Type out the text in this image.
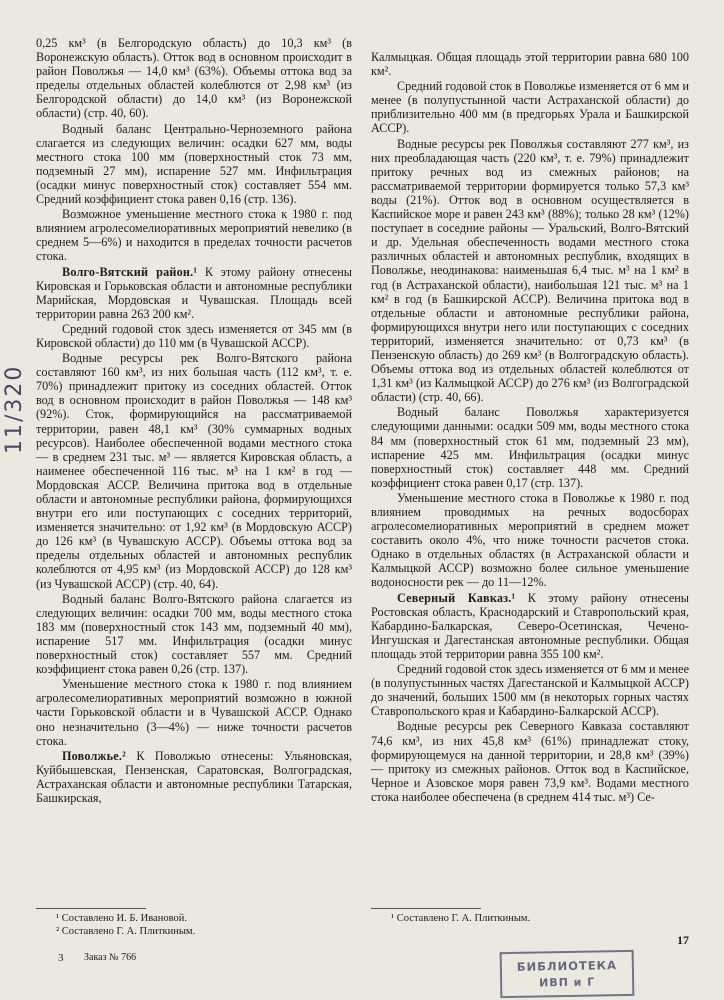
11/320

0,25 км³ (в Белгородскую область) до 10,3 км³ (в Воронежскую область). Отток вод в основном происходит в район Поволжья — 14,0 км³ (63%). Объемы оттока вод за пределы отдельных областей колеблются от 2,98 км³ (из Белгородской области) до 14,0 км³ (из Воронежской области) (стр. 40, 60).

Водный баланс Центрально-Черноземного района слагается из следующих величин: осадки 627 мм, воды местного стока 100 мм (поверхностный сток 73 мм, подземный 27 мм), испарение 527 мм. Инфильтрация (осадки минус поверхностный сток) составляет 554 мм. Средний коэффициент стока равен 0,16 (стр. 136).

Возможное уменьшение местного стока к 1980 г. под влиянием агролесомелиоративных мероприятий невелико (в среднем 5—6%) и находится в пределах точности расчетов стока.

Волго-Вятский район.¹ К этому району отнесены Кировская и Горьковская области и автономные республики Марийская, Мордовская и Чувашская. Площадь всей территории равна 263 200 км².

Средний годовой сток здесь изменяется от 345 мм (в Кировской области) до 110 мм (в Чувашской АССР).

Водные ресурсы рек Волго-Вятского района составляют 160 км³, из них большая часть (112 км³, т. е. 70%) принадлежит притоку из соседних областей. Отток вод в основном происходит в район Поволжья — 148 км³ (92%). Сток, формирующийся на рассматриваемой территории, равен 48,1 км³ (30% суммарных водных ресурсов). Наиболее обеспеченной водами местного стока — в среднем 231 тыс. м³ — является Кировская область, а наименее обеспеченной 116 тыс. м³ на 1 км² в год — Мордовская АССР. Величина притока вод в отдельные области и автономные республики района, формирующихся внутри его или поступающих с соседних территорий, изменяется значительно: от 1,92 км³ (в Мордовскую АССР) до 126 км³ (в Чувашскую АССР). Объемы оттока вод за пределы отдельных областей и автономных республик колеблются от 4,95 км³ (из Мордовской АССР) до 128 км³ (из Чувашской АССР) (стр. 40, 64).

Водный баланс Волго-Вятского района слагается из следующих величин: осадки 700 мм, воды местного стока 183 мм (поверхностный сток 143 мм, подземный 40 мм), испарение 517 мм. Инфильтрация (осадки минус поверхностный сток) составляет 557 мм. Средний коэффициент стока равен 0,26 (стр. 137).

Уменьшение местного стока к 1980 г. под влиянием агролесомелиоративных мероприятий возможно в южной части Горьковской области и в Чувашской АССР. Однако оно незначительно (3—4%) — ниже точности расчетов стока.

Поволжье.² К Поволжью отнесены: Ульяновская, Куйбышевская, Пензенская, Саратовская, Волгоградская, Астраханская области и автономные республики Татарская, Башкирская,

Калмыцкая. Общая площадь этой территории равна 680 100 км².

Средний годовой сток в Поволжье изменяется от 6 мм и менее (в полупустынной части Астраханской области) до приблизительно 400 мм (в предгорьях Урала и Башкирской АССР).

Водные ресурсы рек Поволжья составляют 277 км³, из них преобладающая часть (220 км³, т. е. 79%) принадлежит притоку речных вод из смежных районов; на рассматриваемой территории формируется только 57,3 км³ воды (21%). Отток вод в основном осуществляется в Каспийское море и равен 243 км³ (88%); только 28 км³ (12%) поступает в соседние районы — Уральский, Волго-Вятский и др. Удельная обеспеченность водами местного стока различных областей и автономных республик, входящих в Поволжье, неодинакова: наименьшая 6,4 тыс. м³ на 1 км² в год (в Астраханской области), наибольшая 121 тыс. м³ на 1 км² в год (в Башкирской АССР). Величина притока вод в отдельные области и автономные республики района, формирующихся внутри него или поступающих с соседних территорий, изменяется значительно: от 0,73 км³ (в Пензенскую область) до 269 км³ (в Волгоградскую область). Объемы оттока вод из отдельных областей колеблются от 1,31 км³ (из Калмыцкой АССР) до 276 км³ (из Волгоградской области) (стр. 40, 66).

Водный баланс Поволжья характеризуется следующими данными: осадки 509 мм, воды местного стока 84 мм (поверхностный сток 61 мм, подземный 23 мм), испарение 425 мм. Инфильтрация (осадки минус поверхностный сток) составляет 448 мм. Средний коэффициент стока равен 0,17 (стр. 137).

Уменьшение местного стока в Поволжье к 1980 г. под влиянием проводимых на речных водосборах агролесомелиоративных мероприятий в среднем может составить около 4%, что ниже точности расчетов стока. Однако в отдельных областях (в Астраханской области и Калмыцкой АССР) возможно более сильное уменьшение водоносности рек — до 11—12%.

Северный Кавказ.¹ К этому району отнесены Ростовская область, Краснодарский и Ставропольский края, Кабардино-Балкарская, Северо-Осетинская, Чечено-Ингушская и Дагестанская автономные республики. Общая площадь этой территории равна 355 100 км².

Средний годовой сток здесь изменяется от 6 мм и менее (в полупустынных частях Дагестанской и Калмыцкой АССР) до значений, больших 1500 мм (в некоторых горных частях Ставропольского края и Кабардино-Балкарской АССР).

Водные ресурсы рек Северного Кавказа составляют 74,6 км³, из них 45,8 км³ (61%) принадлежат стоку, формирующемуся на данной территории, и 28,8 км³ (39%) — притоку из смежных районов. Отток вод в Каспийское, Черное и Азовское моря равен 73,9 км³. Водами местного стока наиболее обеспечена (в среднем 414 тыс. м³) Се-

¹ Составлено И. Б. Ивановой.
² Составлено Г. А. Плиткиным.
¹ Составлено Г. А. Плиткиным.
17
3 Заказ № 766
БИБЛИОТЕКА
ИВП и Г
